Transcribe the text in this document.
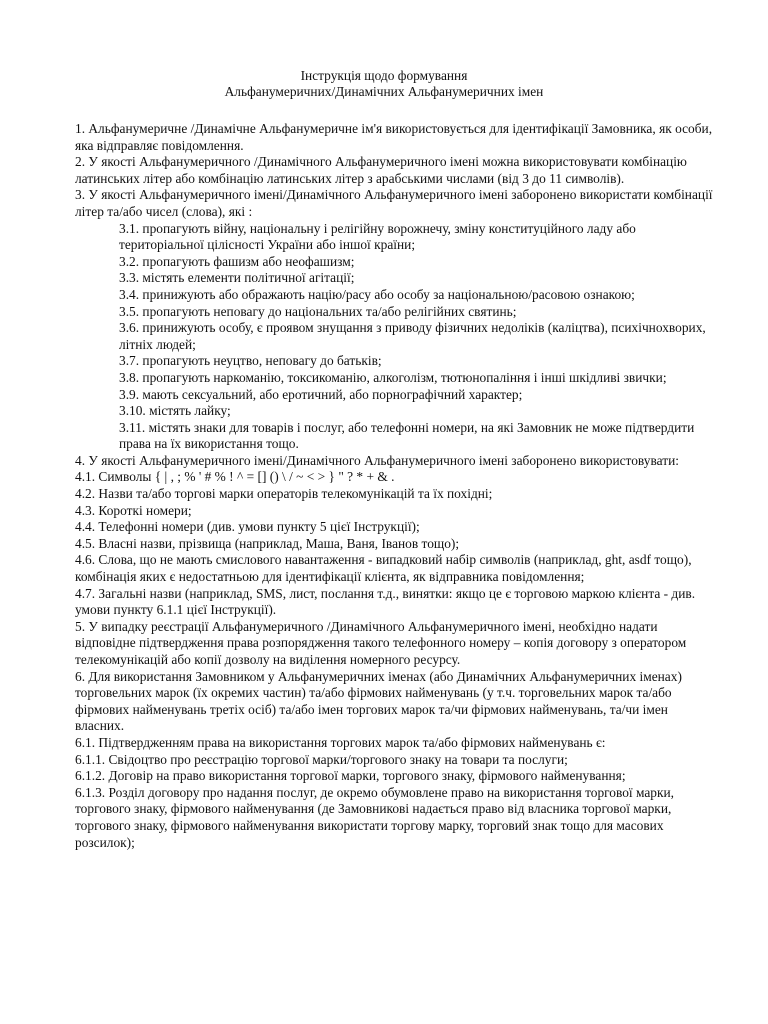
Інструкція щодо формування
Альфанумеричних/Динамічних Альфанумеричних імен

1. Альфанумеричне /Динамічне Альфанумеричне ім'я використовується для ідентифікації Замовника, як особи, яка відправляє повідомлення.

2. У якості Альфанумеричного /Динамічного Альфанумеричного імені можна використовувати комбінацію латинських літер або комбінацію латинських літер з арабськими числами (від 3 до 11 символів).

3. У якості Альфанумеричного імені/Динамічного Альфанумеричного імені заборонено використати комбінації літер та/або чисел (слова), які :

3.1. пропагують війну, національну і релігійну ворожнечу, зміну конституційного ладу або територіальної цілісності України або іншої країни;

3.2. пропагують фашизм або неофашизм;

3.3. містять елементи політичної агітації;

3.4. принижують або ображають націю/расу або особу за національною/расовою ознакою;

3.5. пропагують неповагу до національних та/або релігійних святинь;

3.6. принижують особу, є проявом знущання з приводу фізичних недоліків (каліцтва), психічнохворих, літніх людей;

3.7. пропагують неуцтво, неповагу до батьків;

3.8. пропагують наркоманію, токсикоманію, алкоголізм, тютюнопаління і інші шкідливі звички;

3.9. мають сексуальний, або еротичний, або порнографічний характер;

3.10. містять лайку;

3.11. містять знаки для товарів і послуг, або телефонні номери, на які Замовник не може підтвердити права на їх використання тощо.

4. У якості Альфанумеричного імені/Динамічного Альфанумеричного імені заборонено використовувати:

4.1. Символы { | , ; % ' # % ! ^ = [] () \ / ~ < > } " ? * + & .

4.2. Назви та/або торгові марки операторів телекомунікацій та їх похідні;

4.3. Короткі номери;

4.4. Телефонні номери (див. умови пункту 5 цієї Інструкції);

4.5. Власні назви, прізвища (наприклад, Маша, Ваня, Іванов тощо);

4.6. Слова, що не мають смислового навантаження - випадковий набір символів (наприклад, ght, asdf тощо), комбінація яких є недостатньою для ідентифікації клієнта, як відправника повідомлення;

4.7. Загальні назви (наприклад, SMS, лист, послання т.д., винятки: якщо це є торговою маркою клієнта - див. умови пункту 6.1.1 цієї Інструкції).

5. У випадку реєстрації Альфанумеричного /Динамічного Альфанумеричного імені, необхідно надати відповідне підтвердження права розпорядження такого телефонного номеру – копія договору з оператором телекомунікацій або копії дозволу на виділення номерного ресурсу.

6. Для використання Замовником у Альфанумеричних іменах (або Динамічних Альфанумеричних іменах) торговельних марок (їх окремих частин) та/або фірмових найменувань (у т.ч. торговельних марок та/або фірмових найменувань третіх осіб) та/або імен торгових марок та/чи фірмових найменувань, та/чи імен власних.

6.1. Підтвердженням права на використання торгових марок та/або фірмових найменувань є:

6.1.1. Свідоцтво про реєстрацію торгової марки/торгового знаку на товари та послуги;

6.1.2. Договір на право використання торгової марки, торгового знаку, фірмового найменування;

6.1.3. Розділ договору про надання послуг, де окремо обумовлене право на використання торгової марки, торгового знаку, фірмового найменування (де Замовникові надається право від власника торгової марки, торгового знаку, фірмового найменування використати торгову марку, торговий знак тощо для масових розсилок);
